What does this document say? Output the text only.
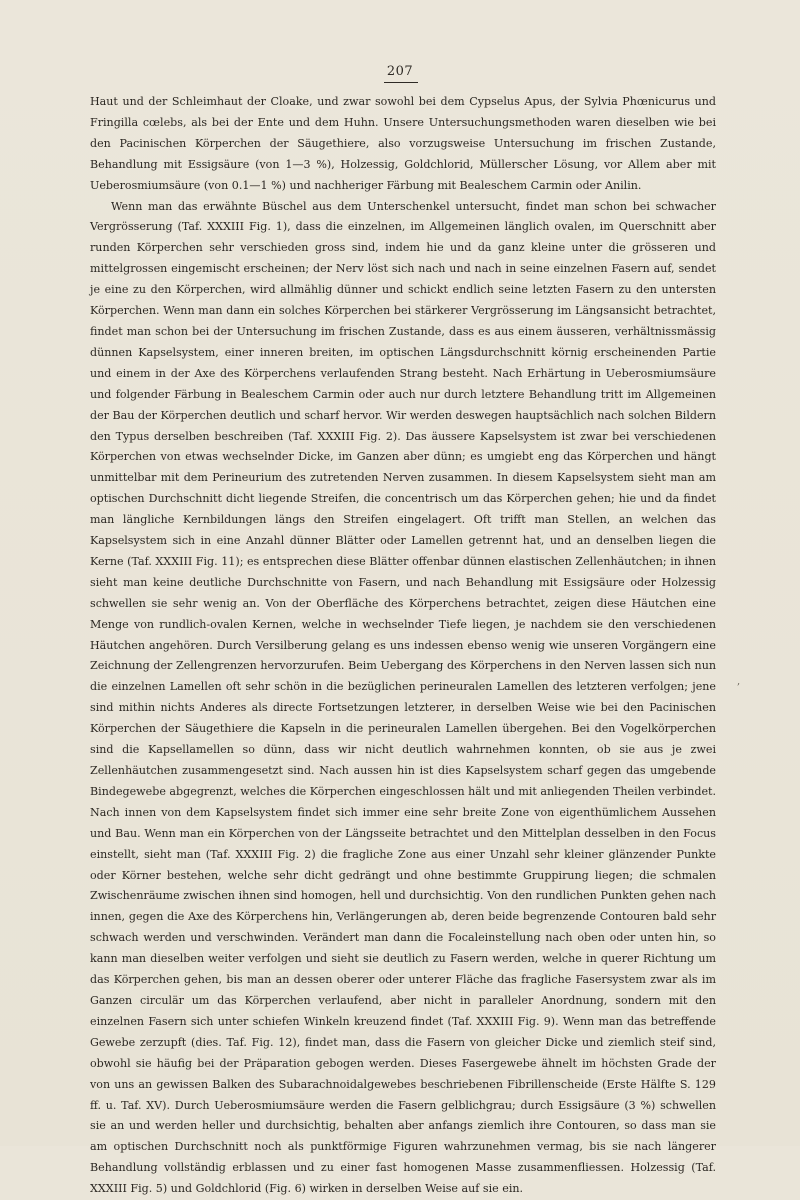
207

Haut und der Schleimhaut der Cloake, und zwar sowohl bei dem Cypselus Apus, der Sylvia Phœnicurus und Fringilla cœlebs, als bei der Ente und dem Huhn. Unsere Untersuchungsmethoden waren dieselben wie bei den Pacinischen Körperchen der Säugethiere, also vorzugsweise Untersuchung im frischen Zustande, Behandlung mit Essigsäure (von 1—3 %), Holzessig, Goldchlorid, Müllerscher Lösung, vor Allem aber mit Ueberosmiumsäure (von 0.1—1 %) und nachheriger Färbung mit Bealeschem Carmin oder Anilin.

Wenn man das erwähnte Büschel aus dem Unterschenkel untersucht, findet man schon bei schwacher Vergrösserung (Taf. XXXIII Fig. 1), dass die einzelnen, im Allgemeinen länglich ovalen, im Querschnitt aber runden Körperchen sehr verschieden gross sind, indem hie und da ganz kleine unter die grösseren und mittelgrossen eingemischt erscheinen; der Nerv löst sich nach und nach in seine einzelnen Fasern auf, sendet je eine zu den Körperchen, wird allmählig dünner und schickt endlich seine letzten Fasern zu den untersten Körperchen. Wenn man dann ein solches Körperchen bei stärkerer Vergrösserung im Längsansicht betrachtet, findet man schon bei der Untersuchung im frischen Zustande, dass es aus einem äusseren, verhältnissmässig dünnen Kapselsystem, einer inneren breiten, im optischen Längsdurchschnitt körnig erscheinenden Partie und einem in der Axe des Körperchens verlaufenden Strang besteht. Nach Erhärtung in Ueberosmiumsäure und folgender Färbung in Bealeschem Carmin oder auch nur durch letztere Behandlung tritt im Allgemeinen der Bau der Körperchen deutlich und scharf hervor. Wir werden deswegen hauptsächlich nach solchen Bildern den Typus derselben beschreiben (Taf. XXXIII Fig. 2). Das äussere Kapselsystem ist zwar bei verschiedenen Körperchen von etwas wechselnder Dicke, im Ganzen aber dünn; es umgiebt eng das Körperchen und hängt unmittelbar mit dem Perineurium des zutretenden Nerven zusammen. In diesem Kapselsystem sieht man am optischen Durchschnitt dicht liegende Streifen, die concentrisch um das Körperchen gehen; hie und da findet man längliche Kernbildungen längs den Streifen eingelagert. Oft trifft man Stellen, an welchen das Kapselsystem sich in eine Anzahl dünner Blätter oder Lamellen getrennt hat, und an denselben liegen die Kerne (Taf. XXXIII Fig. 11); es entsprechen diese Blätter offenbar dünnen elastischen Zellenhäutchen; in ihnen sieht man keine deutliche Durchschnitte von Fasern, und nach Behandlung mit Essigsäure oder Holzessig schwellen sie sehr wenig an. Von der Oberfläche des Körperchens betrachtet, zeigen diese Häutchen eine Menge von rundlich-ovalen Kernen, welche in wechselnder Tiefe liegen, je nachdem sie den verschiedenen Häutchen angehören. Durch Versilberung gelang es uns indessen ebenso wenig wie unseren Vorgängern eine Zeichnung der Zellengrenzen hervorzurufen. Beim Uebergang des Körperchens in den Nerven lassen sich nun die einzelnen Lamellen oft sehr schön in die bezüglichen perineuralen Lamellen des letzteren verfolgen; jene sind mithin nichts Anderes als directe Fortsetzungen letzterer, in derselben Weise wie bei den Pacinischen Körperchen der Säugethiere die Kapseln in die perineuralen Lamellen übergehen. Bei den Vogelkörperchen sind die Kapsellamellen so dünn, dass wir nicht deutlich wahrnehmen konnten, ob sie aus je zwei Zellenhäutchen zusammengesetzt sind. Nach aussen hin ist dies Kapselsystem scharf gegen das umgebende Bindegewebe abgegrenzt, welches die Körperchen eingeschlossen hält und mit anliegenden Theilen verbindet. Nach innen von dem Kapselsystem findet sich immer eine sehr breite Zone von eigenthümlichem Aussehen und Bau. Wenn man ein Körperchen von der Längsseite betrachtet und den Mittelplan desselben in den Focus einstellt, sieht man (Taf. XXXIII Fig. 2) die fragliche Zone aus einer Unzahl sehr kleiner glänzender Punkte oder Körner bestehen, welche sehr dicht gedrängt und ohne bestimmte Gruppirung liegen; die schmalen Zwischenräume zwischen ihnen sind homogen, hell und durchsichtig. Von den rundlichen Punkten gehen nach innen, gegen die Axe des Körperchens hin, Verlängerungen ab, deren beide begrenzende Contouren bald sehr schwach werden und verschwinden. Verändert man dann die Focaleinstellung nach oben oder unten hin, so kann man dieselben weiter verfolgen und sieht sie deutlich zu Fasern werden, welche in querer Richtung um das Körperchen gehen, bis man an dessen oberer oder unterer Fläche das fragliche Fasersystem zwar als im Ganzen circulär um das Körperchen verlaufend, aber nicht in paralleler Anordnung, sondern mit den einzelnen Fasern sich unter schiefen Winkeln kreuzend findet (Taf. XXXIII Fig. 9). Wenn man das betreffende Gewebe zerzupft (dies. Taf. Fig. 12), findet man, dass die Fasern von gleicher Dicke und ziemlich steif sind, obwohl sie häufig bei der Präparation gebogen werden. Dieses Fasergewebe ähnelt im höchsten Grade der von uns an gewissen Balken des Subarachnoidalgewebes beschriebenen Fibrillenscheide (Erste Hälfte S. 129 ff. u. Taf. XV). Durch Ueberosmiumsäure werden die Fasern gelblichgrau; durch Essigsäure (3 %) schwellen sie an und werden heller und durchsichtig, behalten aber anfangs ziemlich ihre Contouren, so dass man sie am optischen Durchschnitt noch als punktförmige Figuren wahrzunehmen vermag, bis sie nach längerer Behandlung vollständig erblassen und zu einer fast homogenen Masse zusammenfliessen. Holzessig (Taf. XXXIII Fig. 5) und Goldchlorid (Fig. 6) wirken in derselben Weise auf sie ein.

,
